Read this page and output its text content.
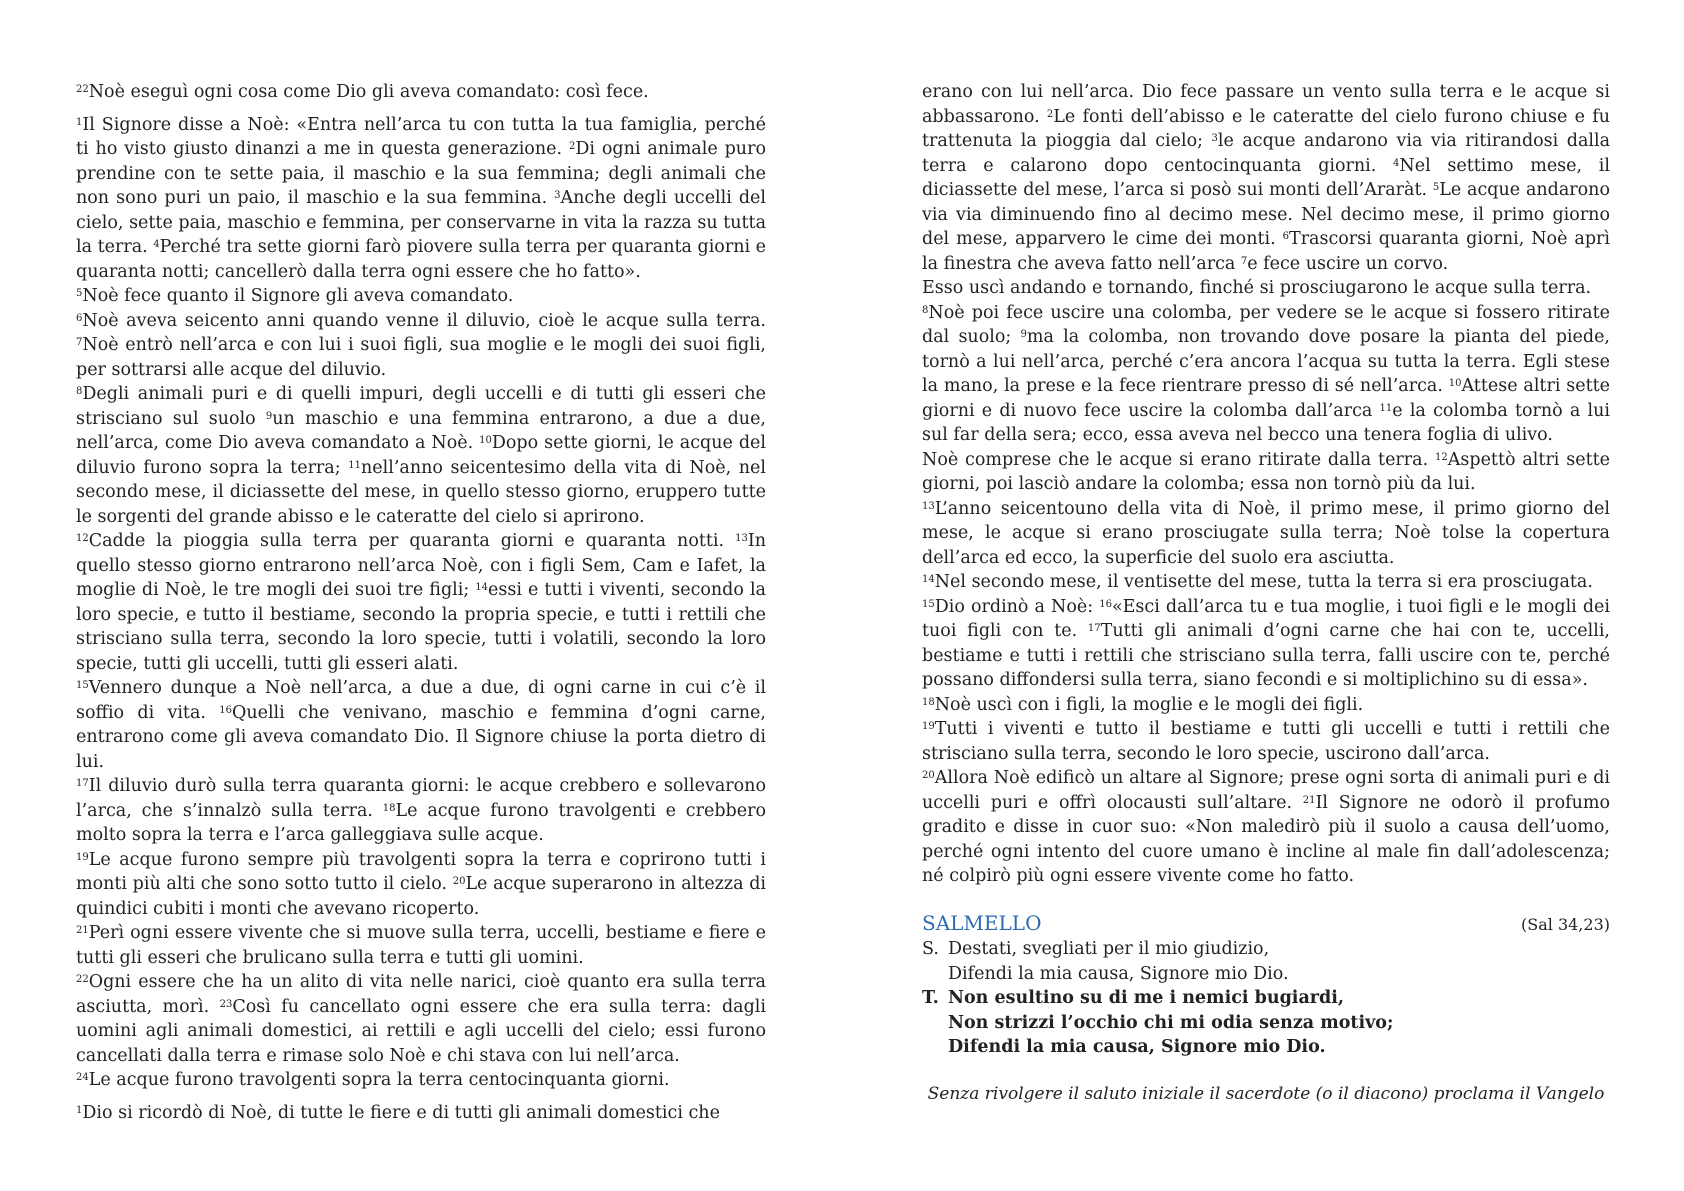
$^{22}$Noè eseguì ogni cosa come Dio gli aveva comandato: così fece.

$^1$Il Signore disse a Noè: «Entra nell’arca tu con tutta la tua famiglia, perché ti ho visto giusto dinanzi a me in questa generazione. $^2$Di ogni animale puro prendine con te sette paia, il maschio e la sua femmina; degli animali che non sono puri un paio, il maschio e la sua femmina. $^3$Anche degli uccelli del cielo, sette paia, maschio e femmina, per conservarne in vita la razza su tutta la terra. $^4$Perché tra sette giorni farò piovere sulla terra per quaranta giorni e quaranta notti; cancellerò dalla terra ogni essere che ho fatto».

$^5$Noè fece quanto il Signore gli aveva comandato.

$^6$Noè aveva seicento anni quando venne il diluvio, cioè le acque sulla terra. $^7$Noè entrò nell’arca e con lui i suoi figli, sua moglie e le mogli dei suoi figli, per sottrarsi alle acque del diluvio.

$^8$Degli animali puri e di quelli impuri, degli uccelli e di tutti gli esseri che strisciano sul suolo $^9$un maschio e una femmina entrarono, a due a due, nell’arca, come Dio aveva comandato a Noè. $^{10}$Dopo sette giorni, le acque del diluvio furono sopra la terra; $^{11}$nell’anno seicentesimo della vita di Noè, nel secondo mese, il diciassette del mese, in quello stesso giorno, eruppero tutte le sorgenti del grande abisso e le cateratte del cielo si aprirono.

$^{12}$Cadde la pioggia sulla terra per quaranta giorni e quaranta notti. $^{13}$In quello stesso giorno entrarono nell’arca Noè, con i figli Sem, Cam e Iafet, la moglie di Noè, le tre mogli dei suoi tre figli; $^{14}$essi e tutti i viventi, secondo la loro specie, e tutto il bestiame, secondo la propria specie, e tutti i rettili che strisciano sulla terra, secondo la loro specie, tutti i volatili, secondo la loro specie, tutti gli uccelli, tutti gli esseri alati.

$^{15}$Vennero dunque a Noè nell’arca, a due a due, di ogni carne in cui c’è il soffio di vita. $^{16}$Quelli che venivano, maschio e femmina d’ogni carne, entrarono come gli aveva comandato Dio. Il Signore chiuse la porta dietro di lui.

$^{17}$Il diluvio durò sulla terra quaranta giorni: le acque crebbero e sollevarono l’arca, che s’innalzò sulla terra. $^{18}$Le acque furono travolgenti e crebbero molto sopra la terra e l’arca galleggiava sulle acque.

$^{19}$Le acque furono sempre più travolgenti sopra la terra e coprirono tutti i monti più alti che sono sotto tutto il cielo. $^{20}$Le acque superarono in altezza di quindici cubiti i monti che avevano ricoperto.

$^{21}$Perì ogni essere vivente che si muove sulla terra, uccelli, bestiame e fiere e tutti gli esseri che brulicano sulla terra e tutti gli uomini.

$^{22}$Ogni essere che ha un alito di vita nelle narici, cioè quanto era sulla terra asciutta, morì. $^{23}$Così fu cancellato ogni essere che era sulla terra: dagli uomini agli animali domestici, ai rettili e agli uccelli del cielo; essi furono cancellati dalla terra e rimase solo Noè e chi stava con lui nell’arca.

$^{24}$Le acque furono travolgenti sopra la terra centocinquanta giorni.

$^1$Dio si ricordò di Noè, di tutte le fiere e di tutti gli animali domestici che

erano con lui nell’arca. Dio fece passare un vento sulla terra e le acque si abbassarono. $^2$Le fonti dell’abisso e le cateratte del cielo furono chiuse e fu trattenuta la pioggia dal cielo; $^3$le acque andarono via via ritirandosi dalla terra e calarono dopo centocinquanta giorni. $^4$Nel settimo mese, il diciassette del mese, l’arca si posò sui monti dell’Araràt. $^5$Le acque andarono via via diminuendo fino al decimo mese. Nel decimo mese, il primo giorno del mese, apparvero le cime dei monti. $^6$Trascorsi quaranta giorni, Noè aprì la finestra che aveva fatto nell’arca $^7$e fece uscire un corvo.

Esso uscì andando e tornando, finché si prosciugarono le acque sulla terra.

$^8$Noè poi fece uscire una colomba, per vedere se le acque si fossero ritirate dal suolo; $^9$ma la colomba, non trovando dove posare la pianta del piede, tornò a lui nell’arca, perché c’era ancora l’acqua su tutta la terra. Egli stese la mano, la prese e la fece rientrare presso di sé nell’arca. $^{10}$Attese altri sette giorni e di nuovo fece uscire la colomba dall’arca $^{11}$e la colomba tornò a lui sul far della sera; ecco, essa aveva nel becco una tenera foglia di ulivo.

Noè comprese che le acque si erano ritirate dalla terra. $^{12}$Aspettò altri sette giorni, poi lasciò andare la colomba; essa non tornò più da lui.

$^{13}$L’anno seicentouno della vita di Noè, il primo mese, il primo giorno del mese, le acque si erano prosciugate sulla terra; Noè tolse la copertura dell’arca ed ecco, la superficie del suolo era asciutta.

$^{14}$Nel secondo mese, il ventisette del mese, tutta la terra si era prosciugata.

$^{15}$Dio ordinò a Noè: $^{16}$«Esci dall’arca tu e tua moglie, i tuoi figli e le mogli dei tuoi figli con te. $^{17}$Tutti gli animali d’ogni carne che hai con te, uccelli, bestiame e tutti i rettili che strisciano sulla terra, falli uscire con te, perché possano diffondersi sulla terra, siano fecondi e si moltiplichino su di essa».

$^{18}$Noè uscì con i figli, la moglie e le mogli dei figli.

$^{19}$Tutti i viventi e tutto il bestiame e tutti gli uccelli e tutti i rettili che strisciano sulla terra, secondo le loro specie, uscirono dall’arca.

$^{20}$Allora Noè edificò un altare al Signore; prese ogni sorta di animali puri e di uccelli puri e offrì olocausti sull’altare. $^{21}$Il Signore ne odorò il profumo gradito e disse in cuor suo: «Non maledirò più il suolo a causa dell’uomo, perché ogni intento del cuore umano è incline al male fin dall’adolescenza; né colpirò più ogni essere vivente come ho fatto.

SALMELLO	(Sal 34,23)
S. Destati, svegliati per il mio giudizio,
Difendi la mia causa, Signore mio Dio.
T. Non esultino su di me i nemici bugiardi,
Non strizzi l’occhio chi mi odia senza motivo;
Difendi la mia causa, Signore mio Dio.
Senza rivolgere il saluto iniziale il sacerdote (o il diacono) proclama il Vangelo
